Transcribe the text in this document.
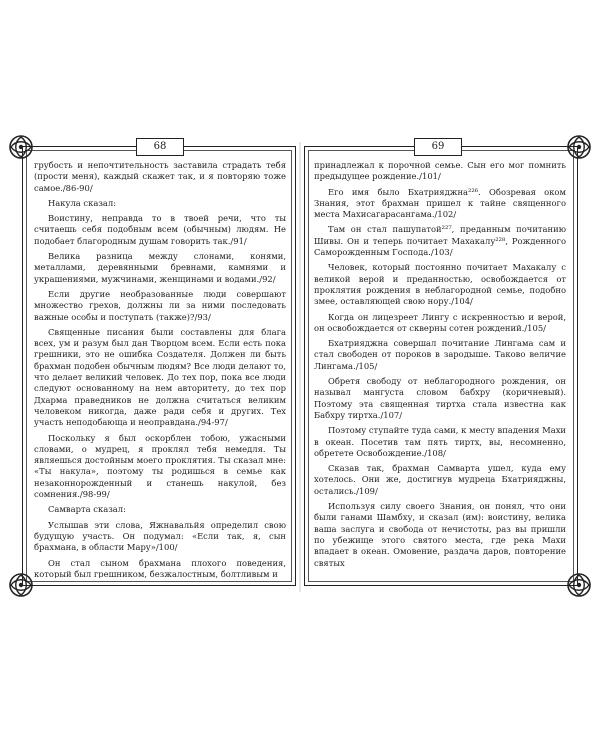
68

грубость и непочтительность заставила страдать тебя (прости меня), каждый скажет так, и я повторяю тоже самое./86-90/

Накула сказал:

Воистину, неправда то в твоей речи, что ты считаешь себя подобным всем (обычным) людям. Не подобает благородным душам говорить так./91/

Велика разница между слонами, конями, металлами, деревянными бревнами, камнями и украшениями, мужчинами, женщинами и водами./92/

Если другие необразованные люди совершают множество грехов, должны ли за ними последовать важные особы и поступать (также)?/93/

Священные писания были составлены для блага всех, ум и разум был дан Творцом всем. Если есть пока грешники, это не ошибка Создателя. Должен ли быть брахман подобен обычным людям? Все люди делают то, что делает великий человек. До тех пор, пока все люди следуют основанному на нем авторитету, до тех пор Дхарма праведников не должна считаться великим человеком никогда, даже ради себя и других. Тех участь неподобающа и неоправдана./94-97/

Поскольку я был оскорблен тобою, ужасными словами, о мудрец, я проклял тебя немедля. Ты являешься достойным моего проклятия. Ты сказал мне: «Ты накула», поэтому ты родишься в семье как незаконнорожденный и станешь накулой, без сомнения./98-99/

Самварта сказал:

Услышав эти слова, Яжнавальйя определил свою будущую участь. Он подумал: «Если так, я, сын брахмана, в области Мару»/100/

Он стал сыном брахмана плохого поведения, который был грешником, безжалостным, болтливым и

69

принадлежал к порочной семье. Сын его мог помнить предыдущее рождение./101/

Его имя было Бхатрияджна²²⁶. Обозревая оком Знания, этот брахман пришел к тайне священного места Махисагарасангама./102/

Там он стал пашупатой²²⁷, преданным почитанию Шивы. Он и теперь почитает Махакалу²²⁸, Рожденного Саморожденным Господа./103/

Человек, который постоянно почитает Махакалу с великой верой и преданностью, освобождается от проклятия рождения в неблагородной семье, подобно змее, оставляющей свою нору./104/

Когда он лицезреет Лингу с искренностью и верой, он освобождается от скверны сотен рождений./105/

Бхатрияджна совершал почитание Лингама сам и стал свободен от пороков в зародыше. Таково величие Лингама./105/

Обретя свободу от неблагородного рождения, он называл мангуста словом бабхру (коричневый). Поэтому эта священная тиртха стала известна как Бабхру тиртха./107/

Поэтому ступайте туда сами, к месту впадения Махи в океан. Посетив там пять тиртх, вы, несомненно, обретете Освобождение./108/

Сказав так, брахман Самварта ушел, куда ему хотелось. Они же, достигнув мудреца Бхатрияджны, остались./109/

Используя силу своего Знания, он понял, что они были ганами Шамбху, и сказал (им): воистину, велика ваша заслуга и свобода от нечистоты, раз вы пришли по убежище этого святого места, где река Махи впадает в океан. Омовение, раздача даров, повторение святых
